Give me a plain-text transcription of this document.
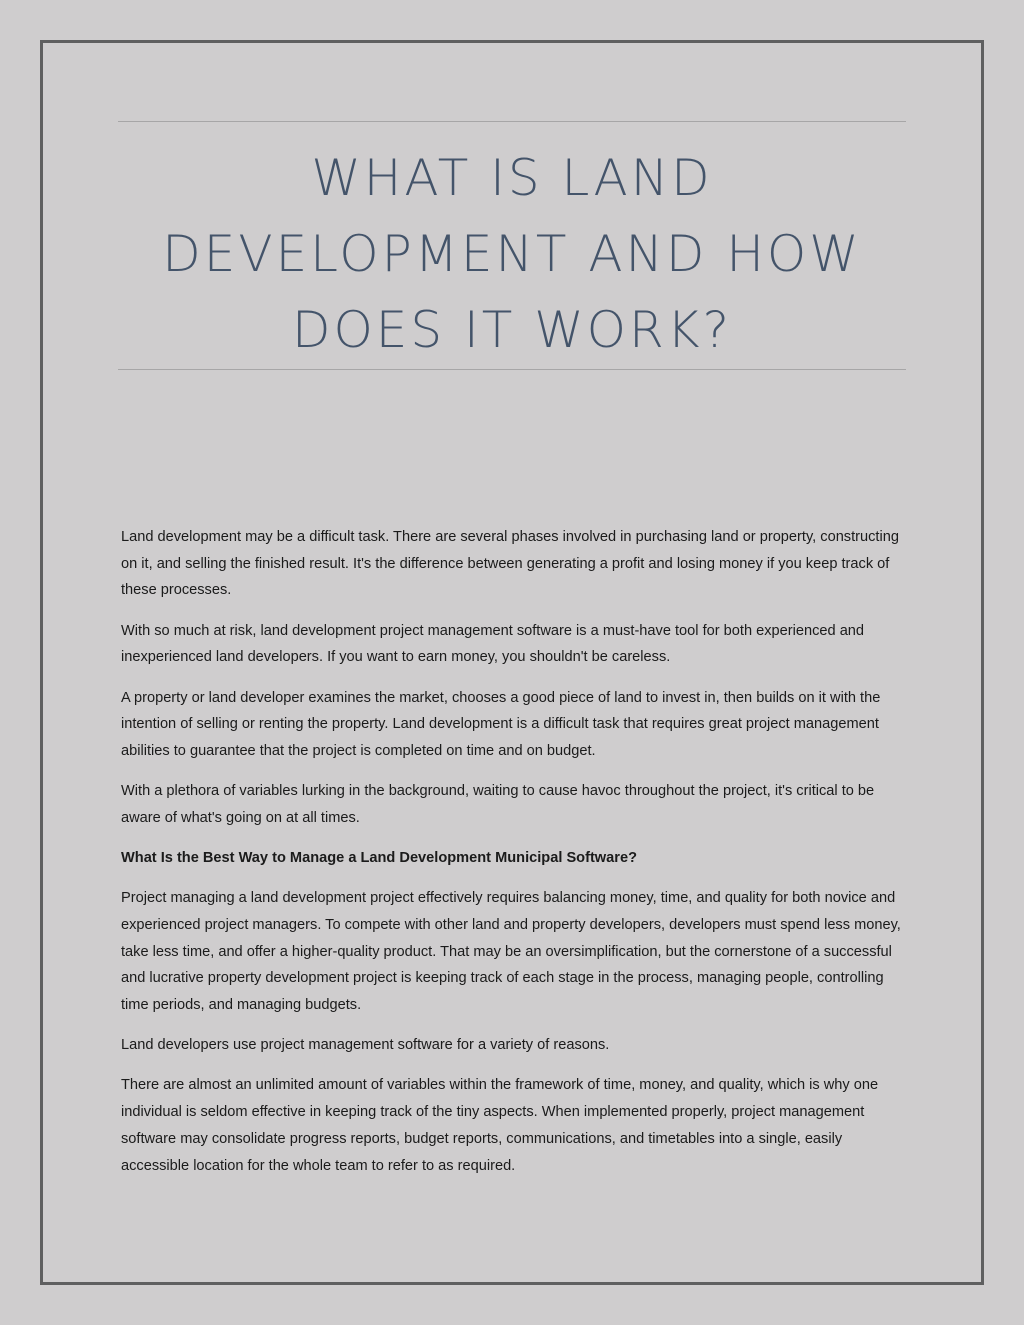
WHAT IS LAND DEVELOPMENT AND HOW DOES IT WORK?

Land development may be a difficult task. There are several phases involved in purchasing land or property, constructing on it, and selling the finished result. It's the difference between generating a profit and losing money if you keep track of these processes.

With so much at risk, land development project management software is a must-have tool for both experienced and inexperienced land developers. If you want to earn money, you shouldn't be careless.

A property or land developer examines the market, chooses a good piece of land to invest in, then builds on it with the intention of selling or renting the property. Land development is a difficult task that requires great project management abilities to guarantee that the project is completed on time and on budget.

With a plethora of variables lurking in the background, waiting to cause havoc throughout the project, it's critical to be aware of what's going on at all times.

What Is the Best Way to Manage a Land Development Municipal Software?

Project managing a land development project effectively requires balancing money, time, and quality for both novice and experienced project managers. To compete with other land and property developers, developers must spend less money, take less time, and offer a higher-quality product. That may be an oversimplification, but the cornerstone of a successful and lucrative property development project is keeping track of each stage in the process, managing people, controlling time periods, and managing budgets.

Land developers use project management software for a variety of reasons.

There are almost an unlimited amount of variables within the framework of time, money, and quality, which is why one individual is seldom effective in keeping track of the tiny aspects. When implemented properly, project management software may consolidate progress reports, budget reports, communications, and timetables into a single, easily accessible location for the whole team to refer to as required.
